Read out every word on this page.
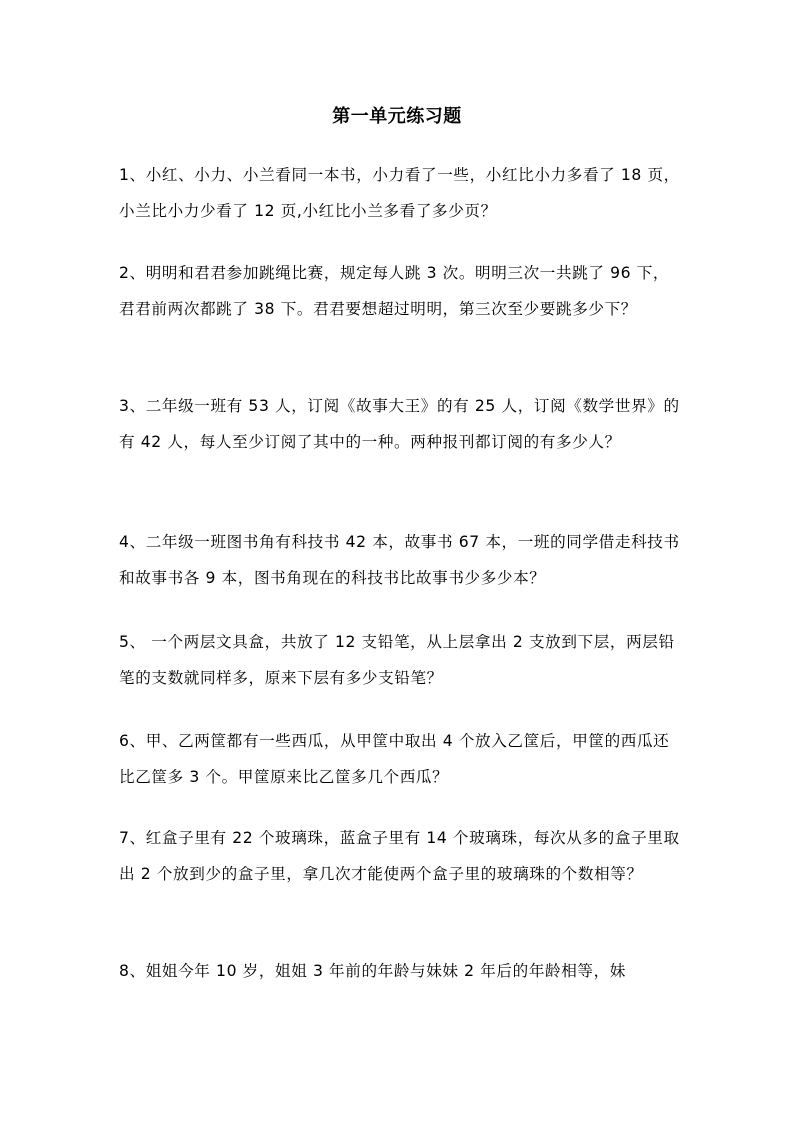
第一单元练习题
1、小红、小力、小兰看同一本书，小力看了一些，小红比小力多看了 18 页，小兰比小力少看了 12 页,小红比小兰多看了多少页？
2、明明和君君参加跳绳比赛，规定每人跳 3 次。明明三次一共跳了 96 下，君君前两次都跳了 38 下。君君要想超过明明，第三次至少要跳多少下？
3、二年级一班有 53 人，订阅《故事大王》的有 25 人，订阅《数学世界》的有 42 人，每人至少订阅了其中的一种。两种报刊都订阅的有多少人？
4、二年级一班图书角有科技书 42 本，故事书 67 本，一班的同学借走科技书和故事书各 9 本，图书角现在的科技书比故事书少多少本？
5、 一个两层文具盒，共放了 12 支铅笔，从上层拿出 2 支放到下层，两层铅笔的支数就同样多，原来下层有多少支铅笔？
6、甲、乙两筐都有一些西瓜，从甲筐中取出 4 个放入乙筐后，甲筐的西瓜还比乙筐多 3 个。甲筐原来比乙筐多几个西瓜？
7、红盒子里有 22 个玻璃珠，蓝盒子里有 14 个玻璃珠，每次从多的盒子里取出 2 个放到少的盒子里，拿几次才能使两个盒子里的玻璃珠的个数相等？
8、姐姐今年 10 岁，姐姐 3 年前的年龄与妹妹 2 年后的年龄相等，妹
